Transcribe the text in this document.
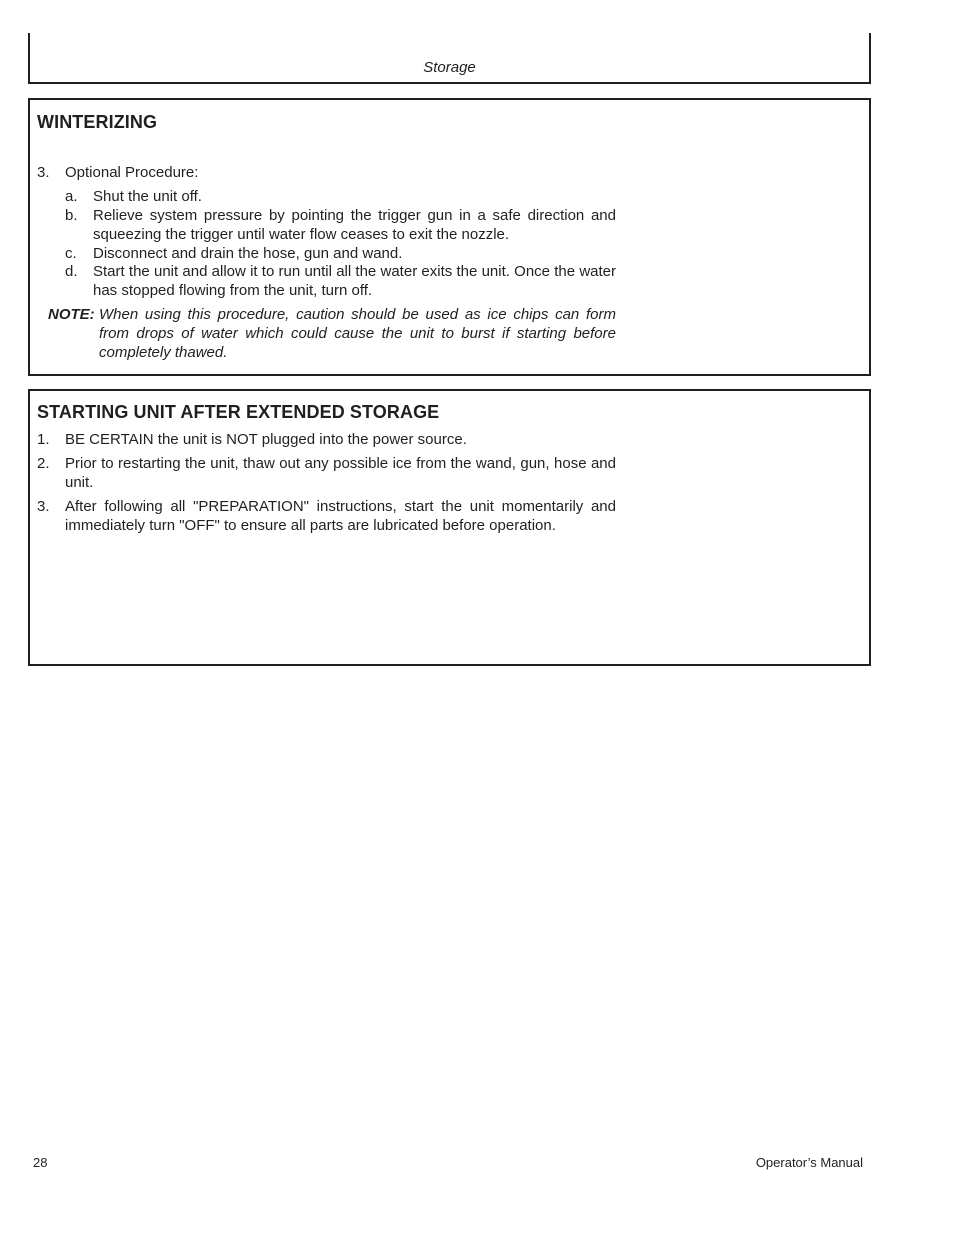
Storage
WINTERIZING
3. Optional Procedure:
a. Shut the unit off.
b. Relieve system pressure by pointing the trigger gun in a safe direction and squeezing the trigger until water flow ceases to exit the nozzle.
c. Disconnect and drain the hose, gun and wand.
d. Start the unit and allow it to run until all the water exits the unit. Once the water has stopped flowing from the unit, turn off.
NOTE: When using this procedure, caution should be used as ice chips can form from drops of water which could cause the unit to burst if starting before completely thawed.
STARTING UNIT AFTER EXTENDED STORAGE
1. BE CERTAIN the unit is NOT plugged into the power source.
2. Prior to restarting the unit, thaw out any possible ice from the wand, gun, hose and unit.
3. After following all "PREPARATION" instructions, start the unit momentarily and immediately turn "OFF" to ensure all parts are lubricated before operation.
28	Operator’s Manual
